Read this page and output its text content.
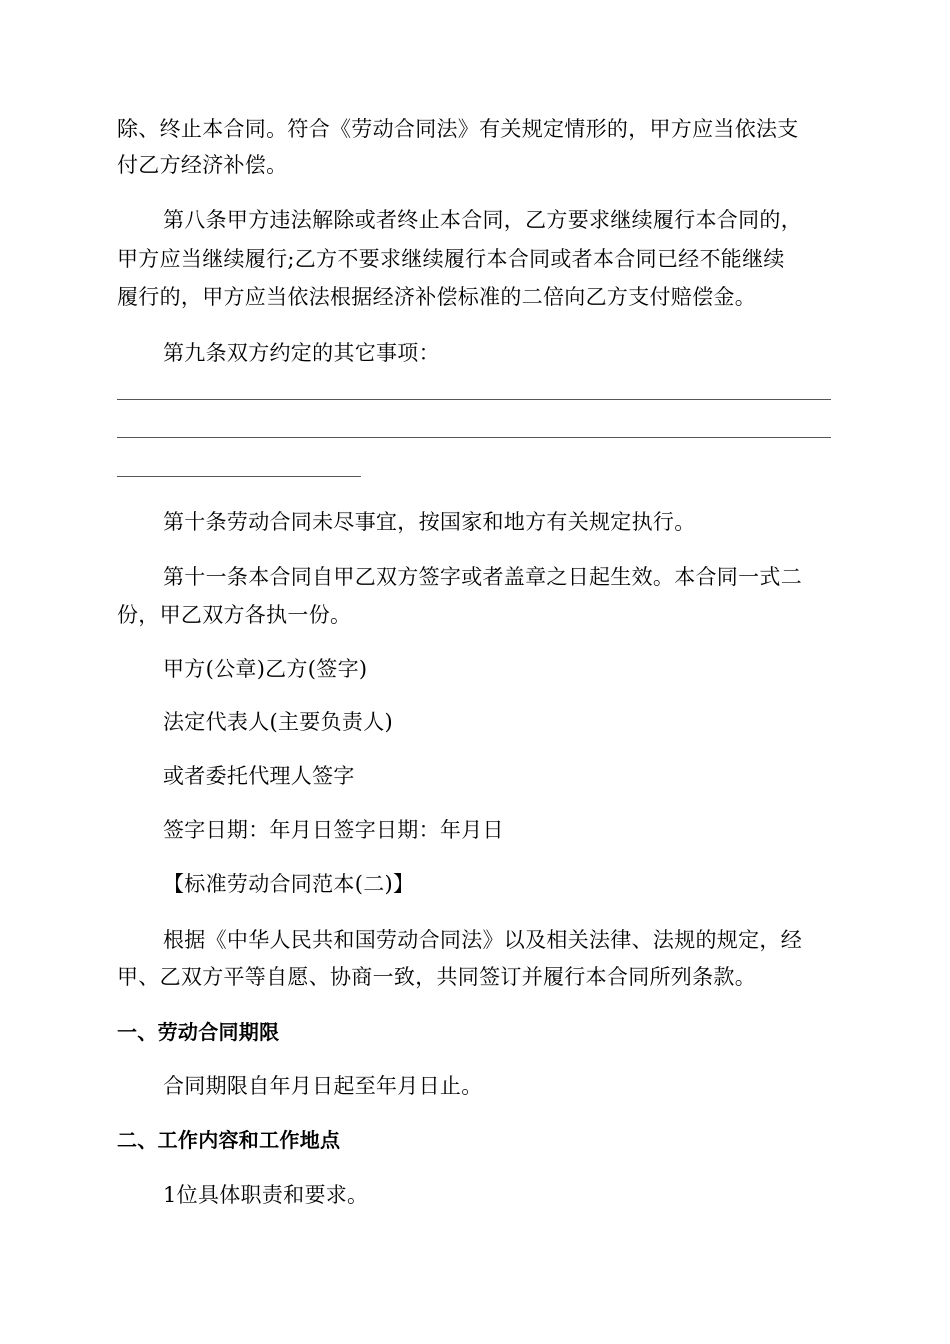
除、终止本合同。符合《劳动合同法》有关规定情形的，甲方应当依法支
付乙方经济补偿。
第八条甲方违法解除或者终止本合同，乙方要求继续履行本合同的，
甲方应当继续履行;乙方不要求继续履行本合同或者本合同已经不能继续
履行的，甲方应当依法根据经济补偿标准的二倍向乙方支付赔偿金。
第九条双方约定的其它事项：
第十条劳动合同未尽事宜，按国家和地方有关规定执行。
第十一条本合同自甲乙双方签字或者盖章之日起生效。本合同一式二
份，甲乙双方各执一份。
甲方(公章)乙方(签字)
法定代表人(主要负责人)
或者委托代理人签字
签字日期：年月日签字日期：年月日
【标准劳动合同范本(二)】
根据《中华人民共和国劳动合同法》以及相关法律、法规的规定，经
甲、乙双方平等自愿、协商一致，共同签订并履行本合同所列条款。
一、劳动合同期限
合同期限自年月日起至年月日止。
二、工作内容和工作地点
1位具体职责和要求。
